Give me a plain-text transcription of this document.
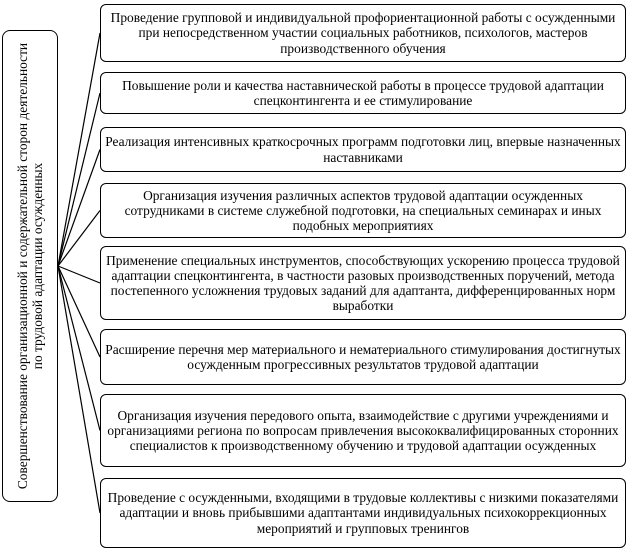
Совершенствование организационной и содержательной сторон деятельности по трудовой адаптации осужденных
Проведение групповой и индивидуальной профориентационной работы с осужденными при непосредственном участии социальных работников, психологов, мастеров производственного обучения
Повышение роли и качества наставнической работы в процессе трудовой адаптации спецконтингента и ее стимулирование
Реализация интенсивных краткосрочных программ подготовки лиц, впервые назначенных наставниками
Организация изучения различных аспектов трудовой адаптации осужденных сотрудниками в системе служебной подготовки, на специальных семинарах и иных подобных мероприятиях
Применение специальных инструментов, способствующих ускорению процесса трудовой адаптации спецконтингента, в частности разовых производственных поручений, метода постепенного усложнения трудовых заданий для адаптанта, дифференцированных норм выработки
Расширение перечня мер материального и нематериального стимулирования достигнутых осужденным прогрессивных результатов трудовой адаптации
Организация изучения передового опыта, взаимодействие с другими учреждениями и организациями региона по вопросам привлечения высококвалифицированных сторонних специалистов к производственному обучению и трудовой адаптации осужденных
Проведение с осужденными, входящими в трудовые коллективы с низкими показателями адаптации и вновь прибывшими адаптантами индивидуальных психокоррекционных мероприятий и групповых тренингов
